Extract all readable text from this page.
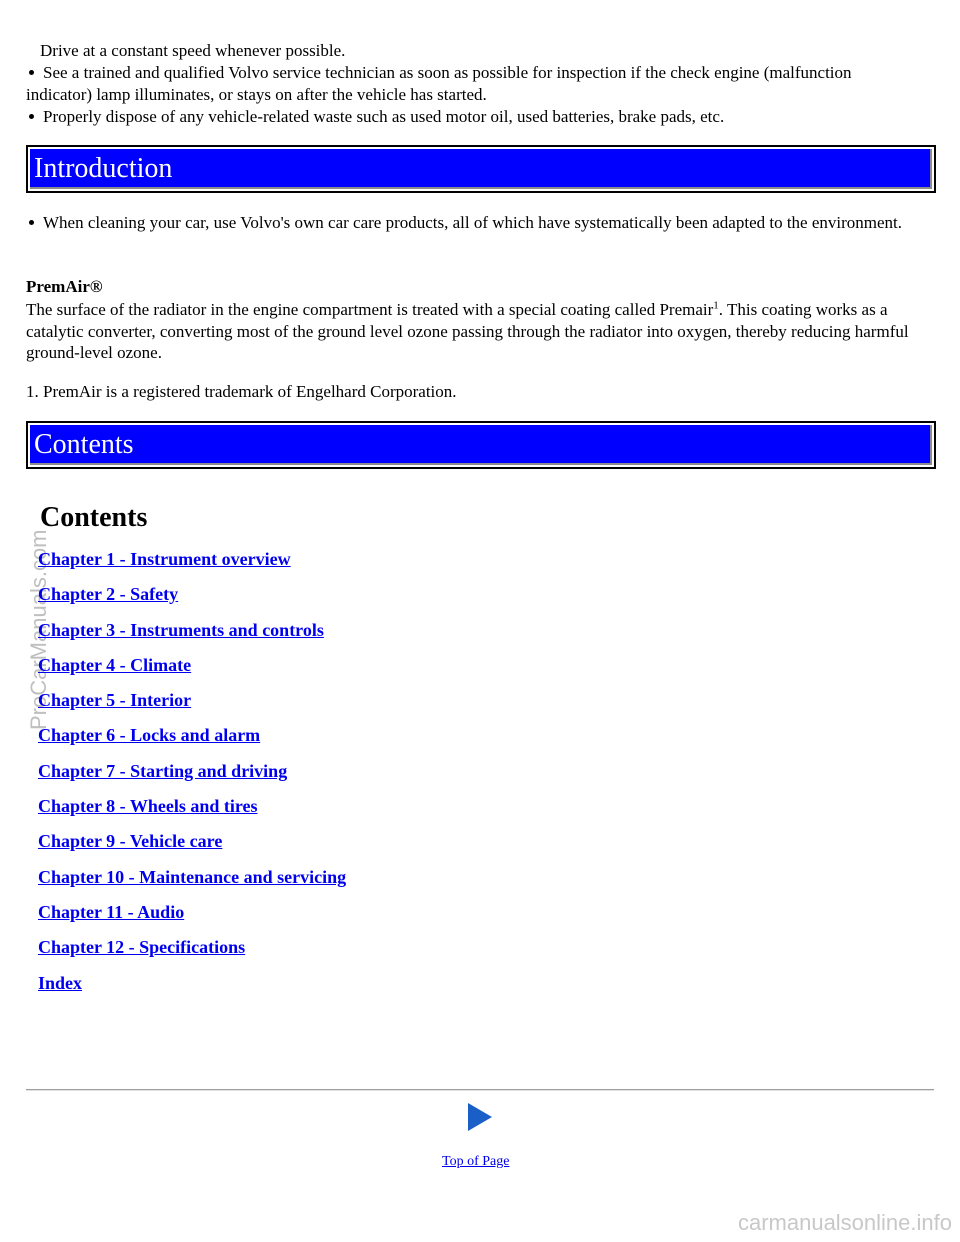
Drive at a constant speed whenever possible.

See a trained and qualified Volvo service technician as soon as possible for inspection if the check engine (malfunction indicator) lamp illuminates, or stays on after the vehicle has started.

Properly dispose of any vehicle-related waste such as used motor oil, used batteries, brake pads, etc.

Introduction

When cleaning your car, use Volvo's own car care products, all of which have systematically been adapted to the environment.

PremAir®

The surface of the radiator in the engine compartment is treated with a special coating called Premair$^1$. This coating works as a catalytic converter, converting most of the ground level ozone passing through the radiator into oxygen, thereby reducing harmful ground-level ozone.

1. PremAir is a registered trademark of Engelhard Corporation.

Contents
ProCarManuals.com
Contents
Chapter 1 - Instrument overview
Chapter 2 - Safety
Chapter 3 - Instruments and controls
Chapter 4 - Climate
Chapter 5 - Interior
Chapter 6 - Locks and alarm
Chapter 7 - Starting and driving
Chapter 8 - Wheels and tires
Chapter 9 - Vehicle care
Chapter 10 - Maintenance and servicing
Chapter 11 - Audio
Chapter 12 - Specifications
Index
Top of Page
carmanualsonline.info
